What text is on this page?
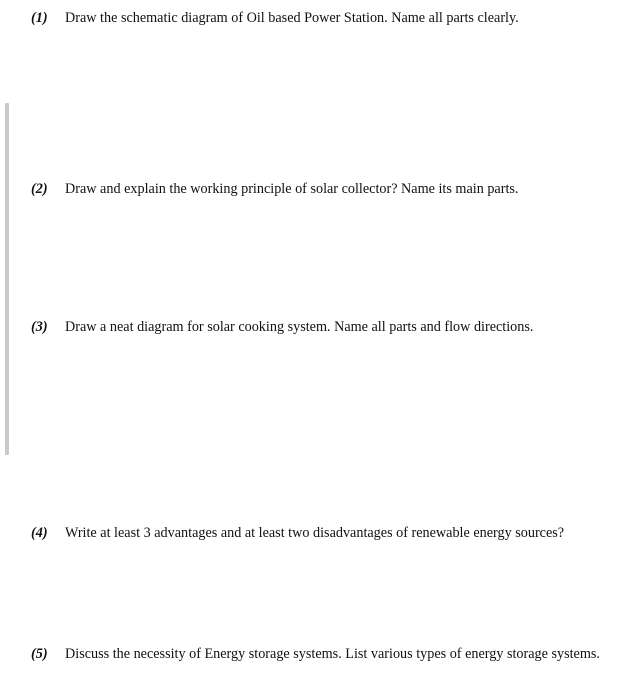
(1) Draw the schematic diagram of Oil based Power Station. Name all parts clearly.
(2) Draw and explain the working principle of solar collector? Name its main parts.
(3) Draw a neat diagram for solar cooking system. Name all parts and flow directions.
(4) Write at least 3 advantages and at least two disadvantages of renewable energy sources?
(5) Discuss the necessity of Energy storage systems. List various types of energy storage systems.
